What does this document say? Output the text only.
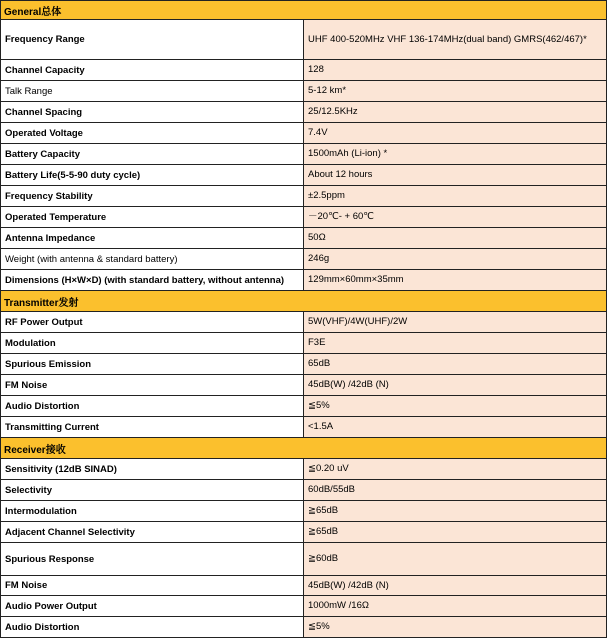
General总体	
Frequency Range	UHF 400-520MHz VHF 136-174MHz(dual band) GMRS(462/467)*
Channel Capacity	128
Talk Range	5-12 km*
Channel Spacing	25/12.5KHz
Operated Voltage	7.4V
Battery Capacity	1500mAh (Li-ion) *
Battery Life(5-5-90 duty cycle)	About 12 hours
Frequency Stability	±2.5ppm
Operated Temperature	－20℃- + 60℃
Antenna Impedance	50Ω
Weight (with antenna & standard battery)	246g
Dimensions (H×W×D) (with standard battery, without antenna)	129mm×60mm×35mm
Transmitter发射	
RF Power Output	5W(VHF)/4W(UHF)/2W
Modulation	F3E
Spurious Emission	65dB
FM Noise	45dB(W) /42dB (N)
Audio Distortion	≦5%
Transmitting Current	<1.5A
Receiver接收	
Sensitivity (12dB SINAD)	≦0.20 uV
Selectivity	60dB/55dB
Intermodulation	≧65dB
Adjacent Channel Selectivity	≧65dB
Spurious Response	≧60dB
FM Noise	45dB(W) /42dB (N)
Audio Power Output	1000mW /16Ω
Audio Distortion	≦5%
